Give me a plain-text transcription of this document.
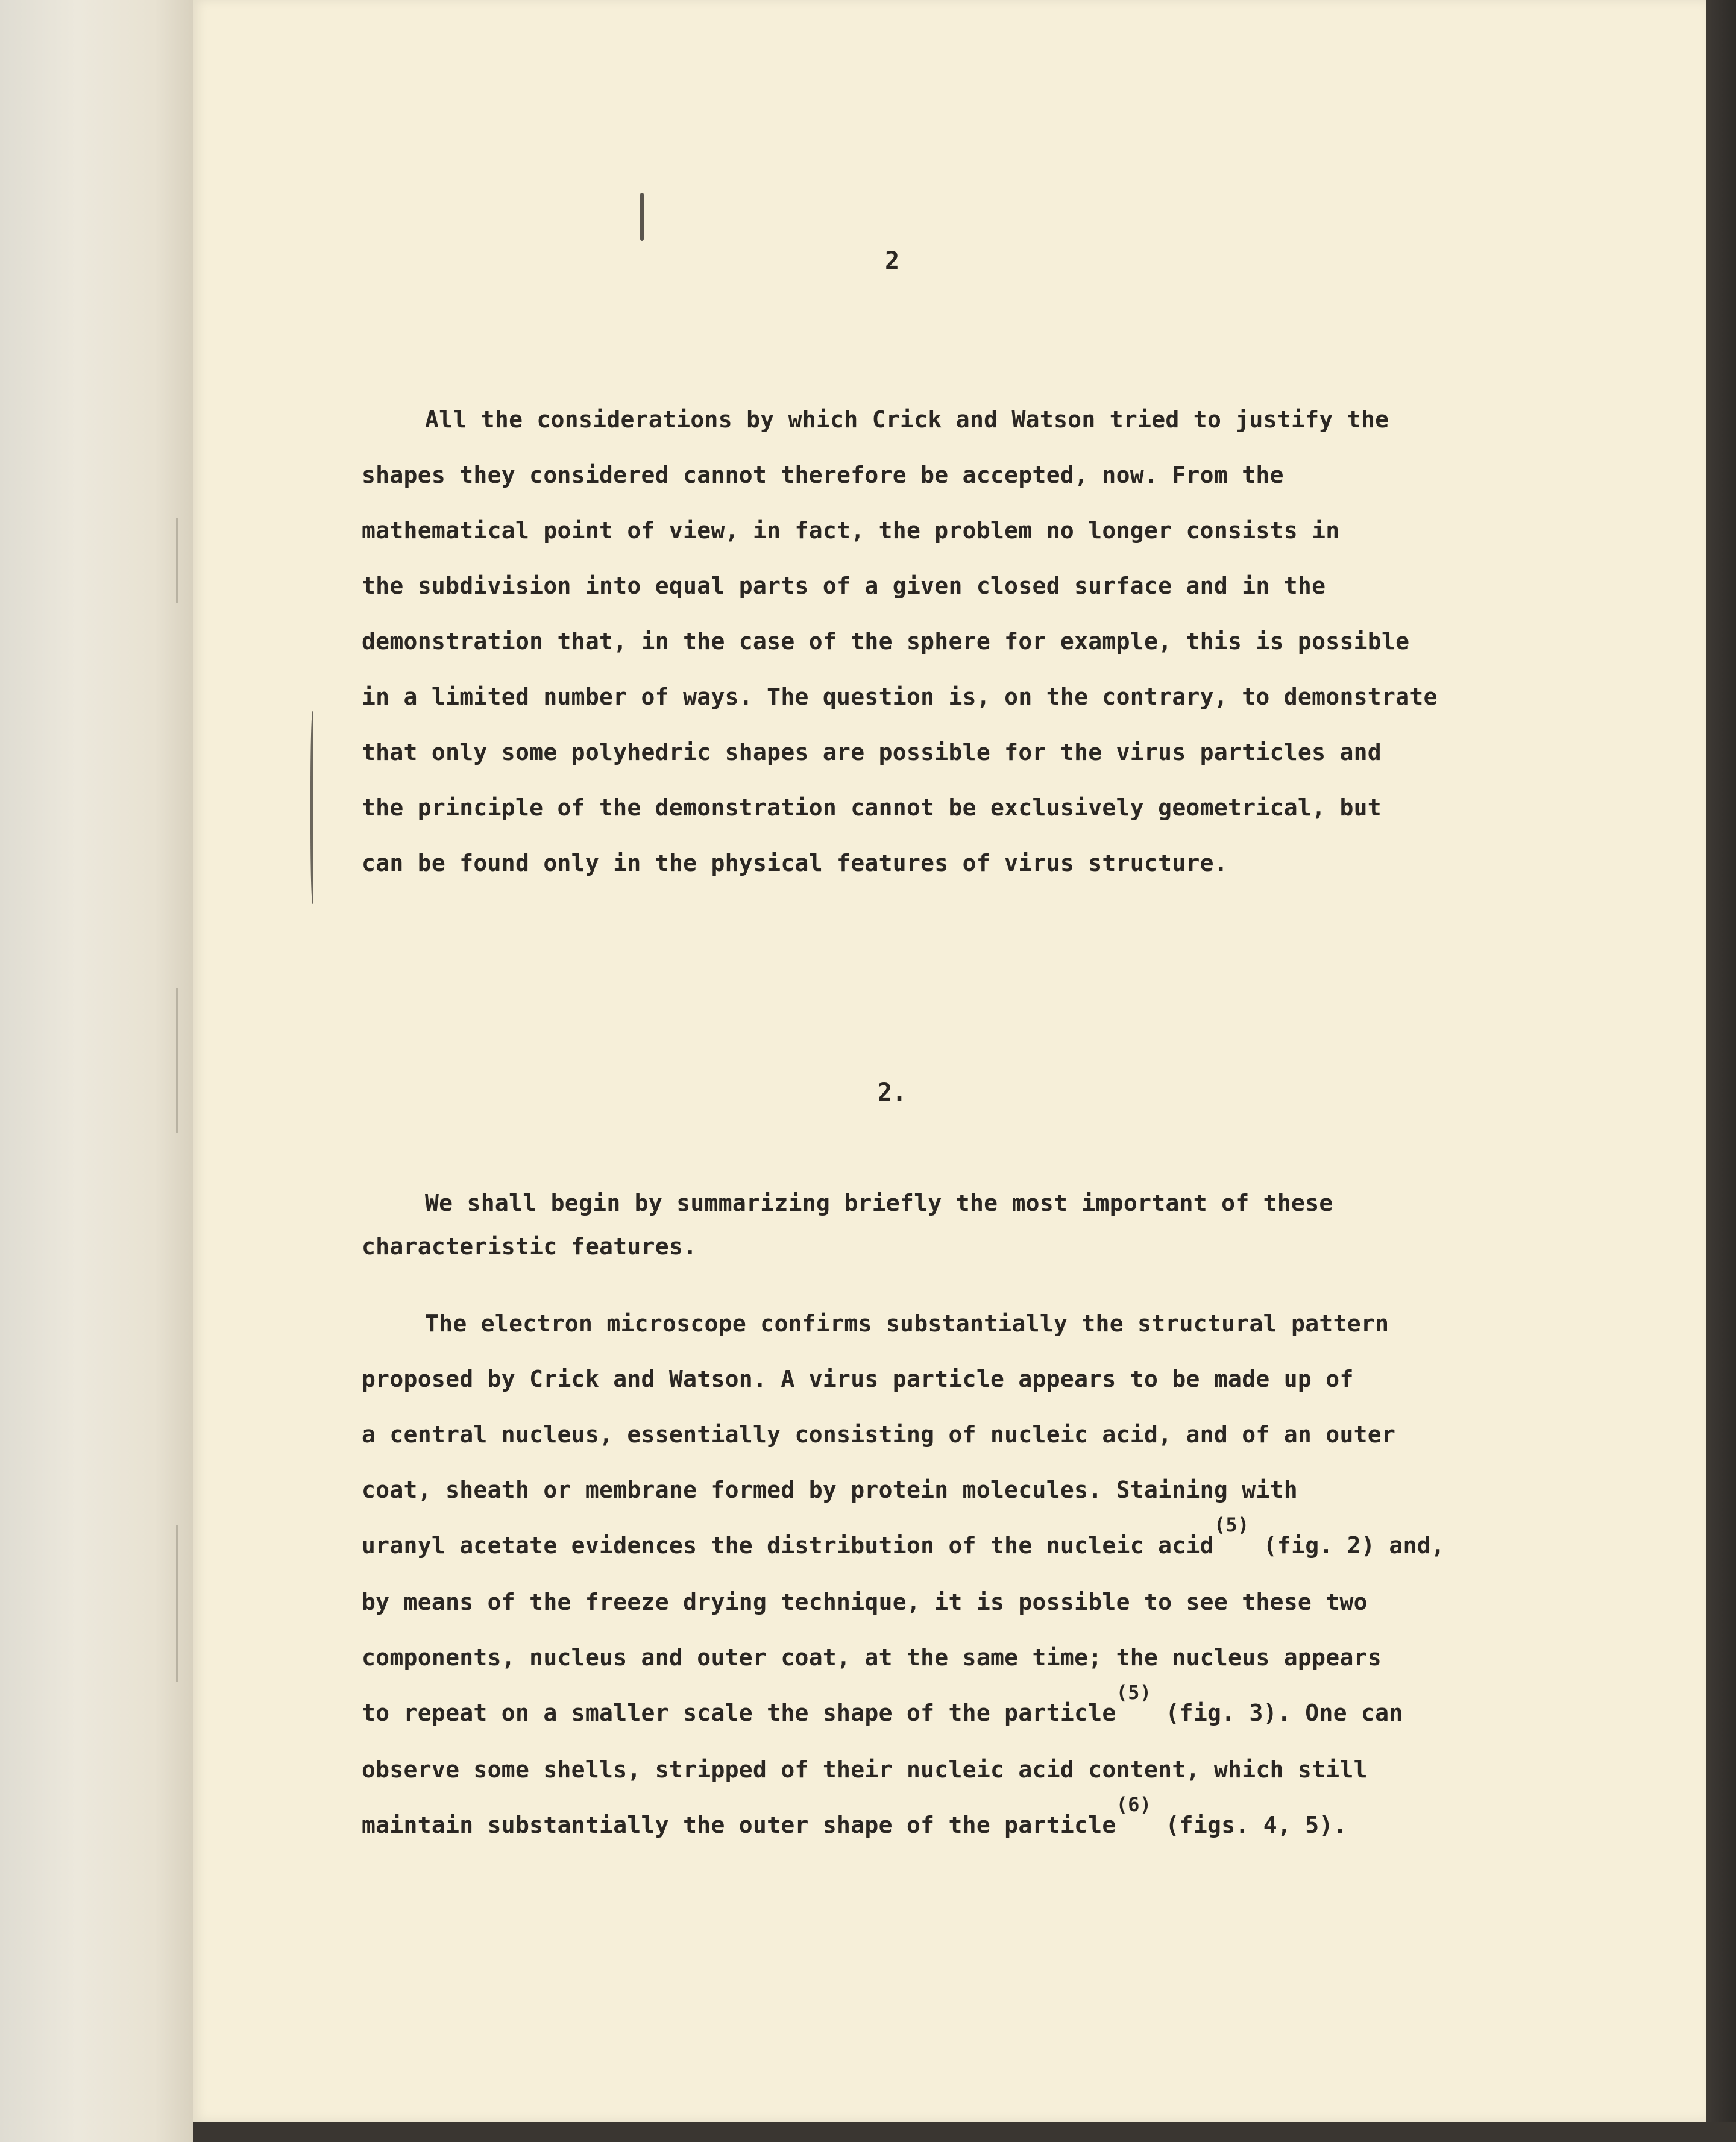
2
All the considerations by which Crick and Watson tried to justify the
shapes they considered cannot therefore be accepted, now. From the
mathematical point of view, in fact, the problem no longer consists in
the subdivision into equal parts of a given closed surface and in the
demonstration that, in the case of the sphere for example, this is possible
in a limited number of ways. The question is, on the contrary, to demonstrate
that only some polyhedric shapes are possible for the virus particles and
the principle of the demonstration cannot be exclusively geometrical, but
can be found only in the physical features of virus structure.
2.
We shall begin by summarizing briefly the most important of these
characteristic features.
The electron microscope confirms substantially the structural pattern
proposed by Crick and Watson. A virus particle appears to be made up of
a central nucleus, essentially consisting of nucleic acid, and of an outer
coat, sheath or membrane formed by protein molecules. Staining with
uranyl acetate evidences the distribution of the nucleic acid$^{(5)}$ (fig. 2) and,
by means of the freeze drying technique, it is possible to see these two
components, nucleus and outer coat, at the same time; the nucleus appears
to repeat on a smaller scale the shape of the particle$^{(5)}$ (fig. 3). One can
observe some shells, stripped of their nucleic acid content, which still
maintain substantially the outer shape of the particle$^{(6)}$ (figs. 4, 5).
